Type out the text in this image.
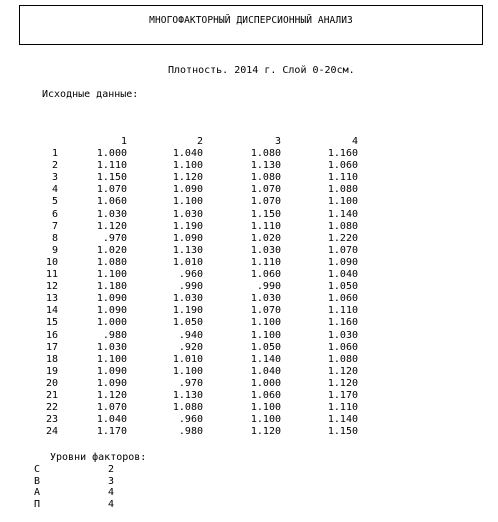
МНОГОФАКТОРНЫЙ ДИСПЕРСИОННЫЙ АНАЛИЗ
Плотность. 2014 г. Слой 0-20см.
Исходные данные:
	1	2	3	4
1	1.000	1.040	1.080	1.160
2	1.110	1.100	1.130	1.060
3	1.150	1.120	1.080	1.110
4	1.070	1.090	1.070	1.080
5	1.060	1.100	1.070	1.100
6	1.030	1.030	1.150	1.140
7	1.120	1.190	1.110	1.080
8	.970	1.090	1.020	1.220
9	1.020	1.130	1.030	1.070
10	1.080	1.010	1.110	1.090
11	1.100	.960	1.060	1.040
12	1.180	.990	.990	1.050
13	1.090	1.030	1.030	1.060
14	1.090	1.190	1.070	1.110
15	1.000	1.050	1.100	1.160
16	.980	.940	1.100	1.030
17	1.030	.920	1.050	1.060
18	1.100	1.010	1.140	1.080
19	1.090	1.100	1.040	1.120
20	1.090	.970	1.000	1.120
21	1.120	1.130	1.060	1.170
22	1.070	1.080	1.100	1.110
23	1.040	.960	1.100	1.140
24	1.170	.980	1.120	1.150
Уровни факторов:
С	2
В	3
А	4
П	4
